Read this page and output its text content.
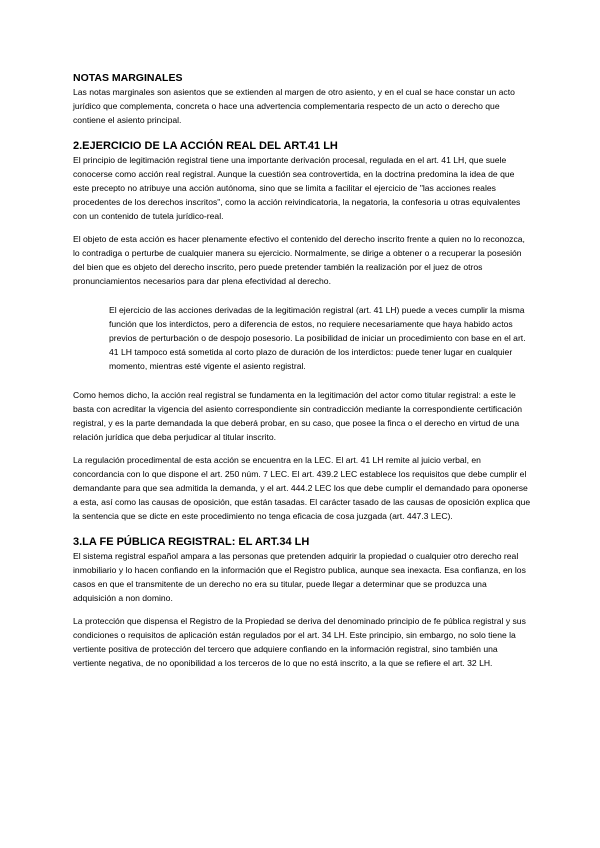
NOTAS MARGINALES

Las notas marginales son asientos que se extienden al margen de otro asiento, y en el cual se hace constar un acto jurídico que complementa, concreta o hace una advertencia complementaria respecto de un acto o derecho que contiene el asiento principal.

2.EJERCICIO DE LA ACCIÓN REAL DEL ART.41 LH

El principio de legitimación registral tiene una importante derivación procesal, regulada en el art. 41 LH, que suele conocerse como acción real registral. Aunque la cuestión sea controvertida, en la doctrina predomina la idea de que este precepto no atribuye una acción autónoma, sino que se limita a facilitar el ejercicio de "las acciones reales procedentes de los derechos inscritos", como la acción reivindicatoria, la negatoria, la confesoria u otras equivalentes con un contenido de tutela jurídico-real.

El objeto de esta acción es hacer plenamente efectivo el contenido del derecho inscrito frente a quien no lo reconozca, lo contradiga o perturbe de cualquier manera su ejercicio. Normalmente, se dirige a obtener o a recuperar la posesión del bien que es objeto del derecho inscrito, pero puede pretender también la realización por el juez de otros pronunciamientos necesarios para dar plena efectividad al derecho.

El ejercicio de las acciones derivadas de la legitimación registral (art. 41 LH) puede a veces cumplir la misma función que los interdictos, pero a diferencia de estos, no requiere necesariamente que haya habido actos previos de perturbación o de despojo posesorio. La posibilidad de iniciar un procedimiento con base en el art. 41 LH tampoco está sometida al corto plazo de duración de los interdictos: puede tener lugar en cualquier momento, mientras esté vigente el asiento registral.

Como hemos dicho, la acción real registral se fundamenta en la legitimación del actor como titular registral: a este le basta con acreditar la vigencia del asiento correspondiente sin contradicción mediante la correspondiente certificación registral, y es la parte demandada la que deberá probar, en su caso, que posee la finca o el derecho en virtud de una relación jurídica que deba perjudicar al titular inscrito.

La regulación procedimental de esta acción se encuentra en la LEC. El art. 41 LH remite al juicio verbal, en concordancia con lo que dispone el art. 250 núm. 7 LEC. El art. 439.2 LEC establece los requisitos que debe cumplir el demandante para que sea admitida la demanda, y el art. 444.2 LEC los que debe cumplir el demandado para oponerse a esta, así como las causas de oposición, que están tasadas. El carácter tasado de las causas de oposición explica que la sentencia que se dicte en este procedimiento no tenga eficacia de cosa juzgada (art. 447.3 LEC).

3.LA FE PÚBLICA REGISTRAL: EL ART.34 LH

El sistema registral español ampara a las personas que pretenden adquirir la propiedad o cualquier otro derecho real inmobiliario y lo hacen confiando en la información que el Registro publica, aunque sea inexacta. Esa confianza, en los casos en que el transmitente de un derecho no era su titular, puede llegar a determinar que se produzca una adquisición a non domino.

La protección que dispensa el Registro de la Propiedad se deriva del denominado principio de fe pública registral y sus condiciones o requisitos de aplicación están regulados por el art. 34 LH. Este principio, sin embargo, no solo tiene la vertiente positiva de protección del tercero que adquiere confiando en la información registral, sino también una vertiente negativa, de no oponibilidad a los terceros de lo que no está inscrito, a la que se refiere el art. 32 LH.
